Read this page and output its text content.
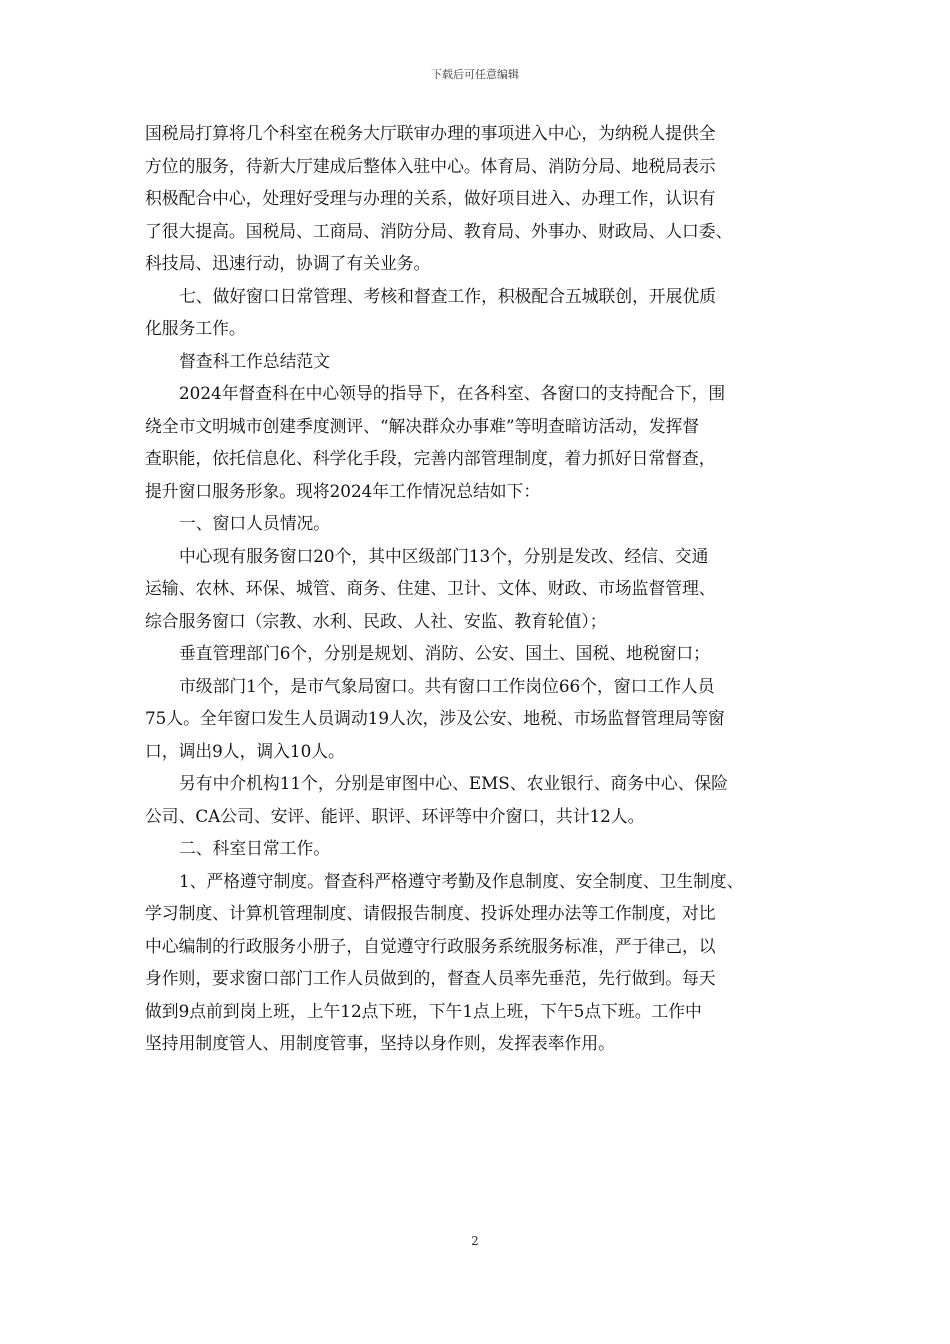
下载后可任意编辑
国税局打算将几个科室在税务大厅联审办理的事项进入中心，为纳税人提供全
方位的服务，待新大厅建成后整体入驻中心。体育局、消防分局、地税局表示
积极配合中心，处理好受理与办理的关系，做好项目进入、办理工作，认识有
了很大提高。国税局、工商局、消防分局、教育局、外事办、财政局、人口委、
科技局、迅速行动，协调了有关业务。
七、做好窗口日常管理、考核和督查工作，积极配合五城联创，开展优质
化服务工作。
督查科工作总结范文
2024年督查科在中心领导的指导下，在各科室、各窗口的支持配合下，围
绕全市文明城市创建季度测评、“解决群众办事难”等明查暗访活动，发挥督
查职能，依托信息化、科学化手段，完善内部管理制度，着力抓好日常督查，
提升窗口服务形象。现将2024年工作情况总结如下：
一、窗口人员情况。
中心现有服务窗口20个，其中区级部门13个，分别是发改、经信、交通
运输、农林、环保、城管、商务、住建、卫计、文体、财政、市场监督管理、
综合服务窗口（宗教、水利、民政、人社、安监、教育轮值）；
垂直管理部门6个，分别是规划、消防、公安、国土、国税、地税窗口；
市级部门1个，是市气象局窗口。共有窗口工作岗位66个，窗口工作人员
75人。全年窗口发生人员调动19人次，涉及公安、地税、市场监督管理局等窗
口，调出9人，调入10人。
另有中介机构11个，分别是审图中心、EMS、农业银行、商务中心、保险
公司、CA公司、安评、能评、职评、环评等中介窗口，共计12人。
二、科室日常工作。
1、严格遵守制度。督查科严格遵守考勤及作息制度、安全制度、卫生制度、
学习制度、计算机管理制度、请假报告制度、投诉处理办法等工作制度，对比
中心编制的行政服务小册子，自觉遵守行政服务系统服务标准，严于律己，以
身作则，要求窗口部门工作人员做到的，督查人员率先垂范，先行做到。每天
做到9点前到岗上班，上午12点下班，下午1点上班，下午5点下班。工作中
坚持用制度管人、用制度管事，坚持以身作则，发挥表率作用。
2
